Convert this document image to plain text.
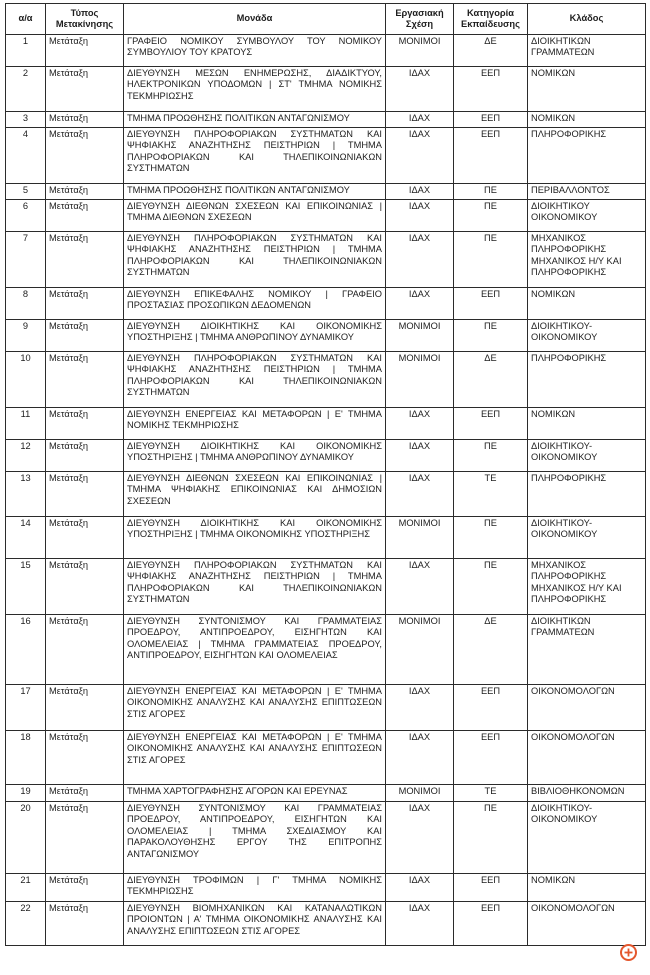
α/α	Τύπος Μετακίνησης	Μονάδα	Εργασιακή Σχέση	Κατηγορία Εκπαίδευσης	Κλάδος
1	Μετάταξη	ΓΡΑΦΕΙΟ ΝΟΜΙΚΟΥ ΣΥΜΒΟΥΛΟΥ ΤΟΥ ΝΟΜΙΚΟΥ ΣΥΜΒΟΥΛΙΟΥ ΤΟΥ ΚΡΑΤΟΥΣ	ΜΟΝΙΜΟΙ	ΔΕ	ΔΙΟΙΚΗΤΙΚΩΝ ΓΡΑΜΜΑΤΕΩΝ
2	Μετάταξη	ΔΙΕΥΘΥΝΣΗ ΜΕΣΩΝ ΕΝΗΜΕΡΩΣΗΣ, ΔΙΑΔΙΚΤΥΟΥ, ΗΛΕΚΤΡΟΝΙΚΩΝ ΥΠΟΔΟΜΩΝ | ΣΤ' ΤΜΗΜΑ ΝΟΜΙΚΗΣ ΤΕΚΜΗΡΙΩΣΗΣ	ΙΔΑΧ	ΕΕΠ	ΝΟΜΙΚΩΝ
3	Μετάταξη	ΤΜΗΜΑ ΠΡΟΩΘΗΣΗΣ ΠΟΛΙΤΙΚΩΝ ΑΝΤΑΓΩΝΙΣΜΟΥ	ΙΔΑΧ	ΕΕΠ	ΝΟΜΙΚΩΝ
4	Μετάταξη	ΔΙΕΥΘΥΝΣΗ ΠΛΗΡΟΦΟΡΙΑΚΩΝ ΣΥΣΤΗΜΑΤΩΝ ΚΑΙ ΨΗΦΙΑΚΗΣ ΑΝΑΖΗΤΗΣΗΣ ΠΕΙΣΤΗΡΙΩΝ | ΤΜΗΜΑ ΠΛΗΡΟΦΟΡΙΑΚΩΝ ΚΑΙ ΤΗΛΕΠΙΚΟΙΝΩΝΙΑΚΩΝ ΣΥΣΤΗΜΑΤΩΝ	ΙΔΑΧ	ΕΕΠ	ΠΛΗΡΟΦΟΡΙΚΗΣ
5	Μετάταξη	ΤΜΗΜΑ ΠΡΟΩΘΗΣΗΣ ΠΟΛΙΤΙΚΩΝ ΑΝΤΑΓΩΝΙΣΜΟΥ	ΙΔΑΧ	ΠΕ	ΠΕΡΙΒΑΛΛΟΝΤΟΣ
6	Μετάταξη	ΔΙΕΥΘΥΝΣΗ ΔΙΕΘΝΩΝ ΣΧΕΣΕΩΝ ΚΑΙ ΕΠΙΚΟΙΝΩΝΙΑΣ | ΤΜΗΜΑ ΔΙΕΘΝΩΝ ΣΧΕΣΕΩΝ	ΙΔΑΧ	ΠΕ	ΔΙΟΙΚΗΤΙΚΟΥ ΟΙΚΟΝΟΜΙΚΟΥ
7	Μετάταξη	ΔΙΕΥΘΥΝΣΗ ΠΛΗΡΟΦΟΡΙΑΚΩΝ ΣΥΣΤΗΜΑΤΩΝ ΚΑΙ ΨΗΦΙΑΚΗΣ ΑΝΑΖΗΤΗΣΗΣ ΠΕΙΣΤΗΡΙΩΝ | ΤΜΗΜΑ ΠΛΗΡΟΦΟΡΙΑΚΩΝ ΚΑΙ ΤΗΛΕΠΙΚΟΙΝΩΝΙΑΚΩΝ ΣΥΣΤΗΜΑΤΩΝ	ΙΔΑΧ	ΠΕ	ΜΗΧΑΝΙΚΟΣ ΠΛΗΡΟΦΟΡΙΚΗΣ ΜΗΧΑΝΙΚΟΣ Η/Υ ΚΑΙ ΠΛΗΡΟΦΟΡΙΚΗΣ
8	Μετάταξη	ΔΙΕΥΘΥΝΣΗ ΕΠΙΚΕΦΑΛΗΣ ΝΟΜΙΚΟΥ | ΓΡΑΦΕΙΟ ΠΡΟΣΤΑΣΙΑΣ ΠΡΟΣΩΠΙΚΩΝ ΔΕΔΟΜΕΝΩΝ	ΙΔΑΧ	ΕΕΠ	ΝΟΜΙΚΩΝ
9	Μετάταξη	ΔΙΕΥΘΥΝΣΗ ΔΙΟΙΚΗΤΙΚΗΣ ΚΑΙ ΟΙΚΟΝΟΜΙΚΗΣ ΥΠΟΣΤΗΡΙΞΗΣ | ΤΜΗΜΑ ΑΝΘΡΩΠΙΝΟΥ ΔΥΝΑΜΙΚΟΥ	ΜΟΝΙΜΟΙ	ΠΕ	ΔΙΟΙΚΗΤΙΚΟΥ- ΟΙΚΟΝΟΜΙΚΟΥ
10	Μετάταξη	ΔΙΕΥΘΥΝΣΗ ΠΛΗΡΟΦΟΡΙΑΚΩΝ ΣΥΣΤΗΜΑΤΩΝ ΚΑΙ ΨΗΦΙΑΚΗΣ ΑΝΑΖΗΤΗΣΗΣ ΠΕΙΣΤΗΡΙΩΝ | ΤΜΗΜΑ ΠΛΗΡΟΦΟΡΙΑΚΩΝ ΚΑΙ ΤΗΛΕΠΙΚΟΙΝΩΝΙΑΚΩΝ ΣΥΣΤΗΜΑΤΩΝ	ΜΟΝΙΜΟΙ	ΔΕ	ΠΛΗΡΟΦΟΡΙΚΗΣ
11	Μετάταξη	ΔΙΕΥΘΥΝΣΗ ΕΝΕΡΓΕΙΑΣ ΚΑΙ ΜΕΤΑΦΟΡΩΝ | Ε' ΤΜΗΜΑ ΝΟΜΙΚΗΣ ΤΕΚΜΗΡΙΩΣΗΣ	ΙΔΑΧ	ΕΕΠ	ΝΟΜΙΚΩΝ
12	Μετάταξη	ΔΙΕΥΘΥΝΣΗ ΔΙΟΙΚΗΤΙΚΗΣ ΚΑΙ ΟΙΚΟΝΟΜΙΚΗΣ ΥΠΟΣΤΗΡΙΞΗΣ | ΤΜΗΜΑ ΑΝΘΡΩΠΙΝΟΥ ΔΥΝΑΜΙΚΟΥ	ΙΔΑΧ	ΠΕ	ΔΙΟΙΚΗΤΙΚΟΥ- ΟΙΚΟΝΟΜΙΚΟΥ
13	Μετάταξη	ΔΙΕΥΘΥΝΣΗ ΔΙΕΘΝΩΝ ΣΧΕΣΕΩΝ ΚΑΙ ΕΠΙΚΟΙΝΩΝΙΑΣ | ΤΜΗΜΑ ΨΗΦΙΑΚΗΣ ΕΠΙΚΟΙΝΩΝΙΑΣ ΚΑΙ ΔΗΜΟΣΙΩΝ ΣΧΕΣΕΩΝ	ΙΔΑΧ	ΤΕ	ΠΛΗΡΟΦΟΡΙΚΗΣ
14	Μετάταξη	ΔΙΕΥΘΥΝΣΗ ΔΙΟΙΚΗΤΙΚΗΣ ΚΑΙ ΟΙΚΟΝΟΜΙΚΗΣ ΥΠΟΣΤΗΡΙΞΗΣ | ΤΜΗΜΑ ΟΙΚΟΝΟΜΙΚΗΣ ΥΠΟΣΤΗΡΙΞΗΣ	ΜΟΝΙΜΟΙ	ΠΕ	ΔΙΟΙΚΗΤΙΚΟΥ- ΟΙΚΟΝΟΜΙΚΟΥ
15	Μετάταξη	ΔΙΕΥΘΥΝΣΗ ΠΛΗΡΟΦΟΡΙΑΚΩΝ ΣΥΣΤΗΜΑΤΩΝ ΚΑΙ ΨΗΦΙΑΚΗΣ ΑΝΑΖΗΤΗΣΗΣ ΠΕΙΣΤΗΡΙΩΝ | ΤΜΗΜΑ ΠΛΗΡΟΦΟΡΙΑΚΩΝ ΚΑΙ ΤΗΛΕΠΙΚΟΙΝΩΝΙΑΚΩΝ ΣΥΣΤΗΜΑΤΩΝ	ΙΔΑΧ	ΠΕ	ΜΗΧΑΝΙΚΟΣ ΠΛΗΡΟΦΟΡΙΚΗΣ ΜΗΧΑΝΙΚΟΣ Η/Υ ΚΑΙ ΠΛΗΡΟΦΟΡΙΚΗΣ
16	Μετάταξη	ΔΙΕΥΘΥΝΣΗ ΣΥΝΤΟΝΙΣΜΟΥ ΚΑΙ ΓΡΑΜΜΑΤΕΙΑΣ ΠΡΟΕΔΡΟΥ, ΑΝΤΙΠΡΟΕΔΡΟΥ, ΕΙΣΗΓΗΤΩΝ ΚΑΙ ΟΛΟΜΕΛΕΙΑΣ | ΤΜΗΜΑ ΓΡΑΜΜΑΤΕΙΑΣ ΠΡΟΕΔΡΟΥ, ΑΝΤΙΠΡΟΕΔΡΟΥ, ΕΙΣΗΓΗΤΩΝ ΚΑΙ ΟΛΟΜΕΛΕΙΑΣ	ΜΟΝΙΜΟΙ	ΔΕ	ΔΙΟΙΚΗΤΙΚΩΝ ΓΡΑΜΜΑΤΕΩΝ
17	Μετάταξη	ΔΙΕΥΘΥΝΣΗ ΕΝΕΡΓΕΙΑΣ ΚΑΙ ΜΕΤΑΦΟΡΩΝ | Ε' ΤΜΗΜΑ ΟΙΚΟΝΟΜΙΚΗΣ ΑΝΑΛΥΣΗΣ ΚΑΙ ΑΝΑΛΥΣΗΣ ΕΠΙΠΤΩΣΕΩΝ ΣΤΙΣ ΑΓΟΡΕΣ	ΙΔΑΧ	ΕΕΠ	ΟΙΚΟΝΟΜΟΛΟΓΩΝ
18	Μετάταξη	ΔΙΕΥΘΥΝΣΗ ΕΝΕΡΓΕΙΑΣ ΚΑΙ ΜΕΤΑΦΟΡΩΝ | Ε' ΤΜΗΜΑ ΟΙΚΟΝΟΜΙΚΗΣ ΑΝΑΛΥΣΗΣ ΚΑΙ ΑΝΑΛΥΣΗΣ ΕΠΙΠΤΩΣΕΩΝ ΣΤΙΣ ΑΓΟΡΕΣ	ΙΔΑΧ	ΕΕΠ	ΟΙΚΟΝΟΜΟΛΟΓΩΝ
19	Μετάταξη	ΤΜΗΜΑ ΧΑΡΤΟΓΡΑΦΗΣΗΣ ΑΓΟΡΩΝ ΚΑΙ ΕΡΕΥΝΑΣ	ΜΟΝΙΜΟΙ	ΤΕ	ΒΙΒΛΙΟΘΗΚΟΝΟΜΩΝ
20	Μετάταξη	ΔΙΕΥΘΥΝΣΗ ΣΥΝΤΟΝΙΣΜΟΥ ΚΑΙ ΓΡΑΜΜΑΤΕΙΑΣ ΠΡΟΕΔΡΟΥ, ΑΝΤΙΠΡΟΕΔΡΟΥ, ΕΙΣΗΓΗΤΩΝ ΚΑΙ ΟΛΟΜΕΛΕΙΑΣ | ΤΜΗΜΑ ΣΧΕΔΙΑΣΜΟΥ ΚΑΙ ΠΑΡΑΚΟΛΟΥΘΗΣΗΣ ΕΡΓΟΥ ΤΗΣ ΕΠΙΤΡΟΠΗΣ ΑΝΤΑΓΩΝΙΣΜΟΥ	ΙΔΑΧ	ΠΕ	ΔΙΟΙΚΗΤΙΚΟΥ- ΟΙΚΟΝΟΜΙΚΟΥ
21	Μετάταξη	ΔΙΕΥΘΥΝΣΗ ΤΡΟΦΙΜΩΝ | Γ' ΤΜΗΜΑ ΝΟΜΙΚΗΣ ΤΕΚΜΗΡΙΩΣΗΣ	ΙΔΑΧ	ΕΕΠ	ΝΟΜΙΚΩΝ
22	Μετάταξη	ΔΙΕΥΘΥΝΣΗ ΒΙΟΜΗΧΑΝΙΚΩΝ ΚΑΙ ΚΑΤΑΝΑΛΩΤΙΚΩΝ ΠΡΟΙΟΝΤΩΝ | Α' ΤΜΗΜΑ ΟΙΚΟΝΟΜΙΚΗΣ ΑΝΑΛΥΣΗΣ ΚΑΙ ΑΝΑΛΥΣΗΣ ΕΠΙΠΤΩΣΕΩΝ ΣΤΙΣ ΑΓΟΡΕΣ	ΙΔΑΧ	ΕΕΠ	ΟΙΚΟΝΟΜΟΛΟΓΩΝ
